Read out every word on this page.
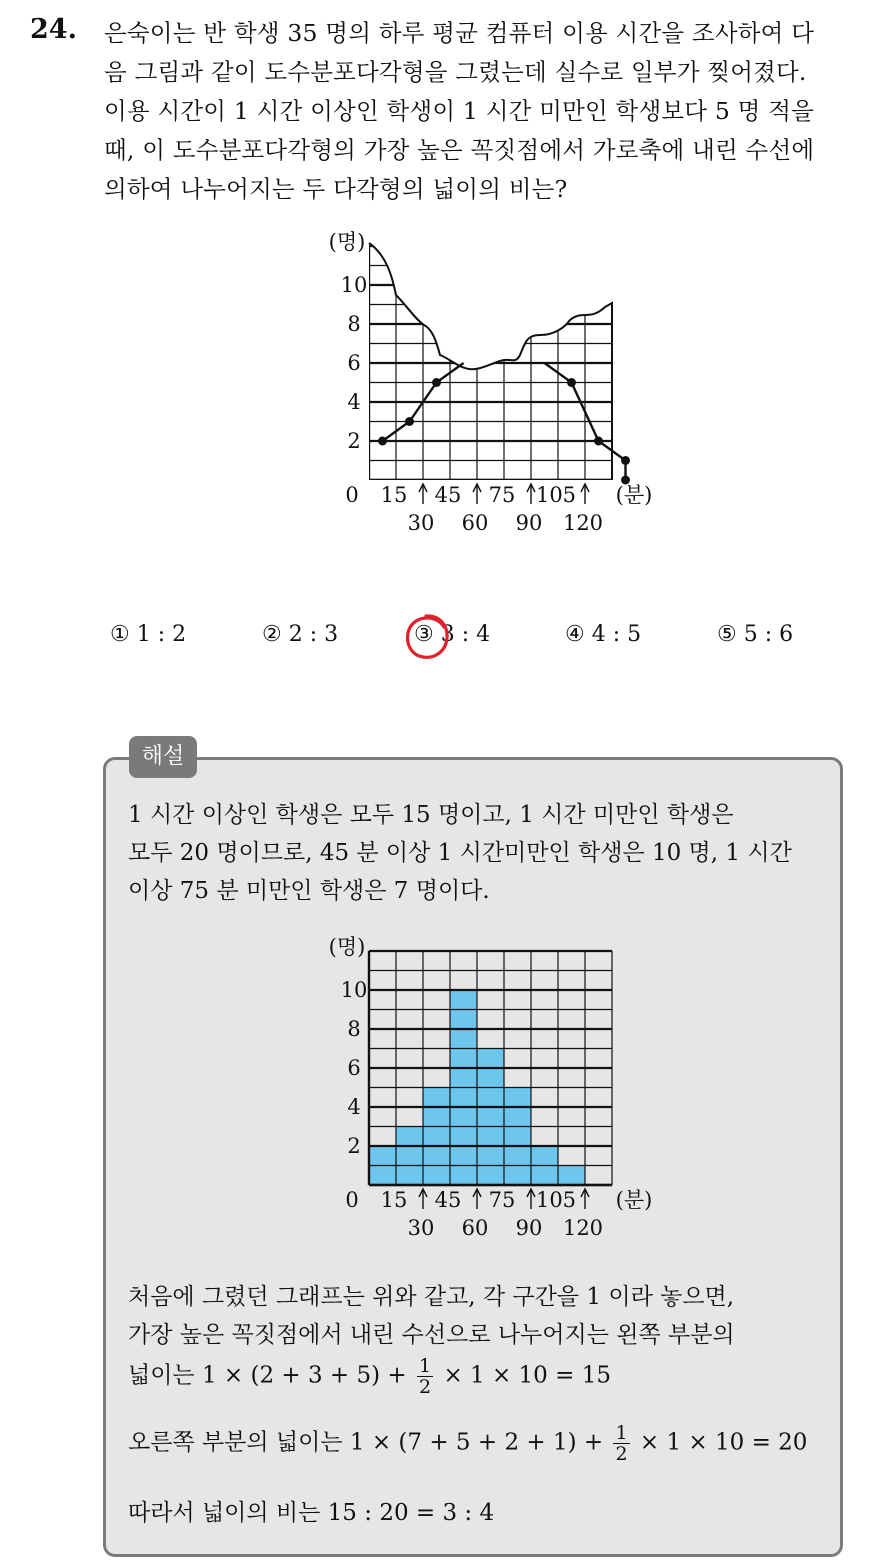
24. 은숙이는 반 학생 35 명의 하루 평균 컴퓨터 이용 시간을 조사하여 다
음 그림과 같이 도수분포다각형을 그렸는데 실수로 일부가 찢어졌다.
이용 시간이 1 시간 이상인 학생이 1 시간 미만인 학생보다 5 명 적을
때, 이 도수분포다각형의 가장 높은 꼭짓점에서 가로축에 내린 수선에
의하여 나누어지는 두 다각형의 넓이의 비는?
(명)
2
4
6
8
10
0 15 45 75 105
30 60 90 120
(분)
① 1 : 2	② 2 : 3	③ 3 : 4	④ 4 : 5	⑤ 5 : 6
해설
1 시간 이상인 학생은 모두 15 명이고, 1 시간 미만인 학생은
모두 20 명이므로, 45 분 이상 1 시간미만인 학생은 10 명, 1 시간
이상 75 분 미만인 학생은 7 명이다.
(명)
2
4
6
8
10
0 15 45 75 105
30 60 90 120
(분)
처음에 그렸던 그래프는 위와 같고, 각 구간을 1 이라 놓으면,
가장 높은 꼭짓점에서 내린 수선으로 나누어지는 왼쪽 부분의
넓이는 $1 \times (2 + 3 + 5) + \frac{1}{2} \times 1 \times 10 = 15$
오른쪽 부분의 넓이는 $1 \times (7 + 5 + 2 + 1) + \frac{1}{2} \times 1 \times 10 = 20$
따라서 넓이의 비는 15 : 20 = 3 : 4
